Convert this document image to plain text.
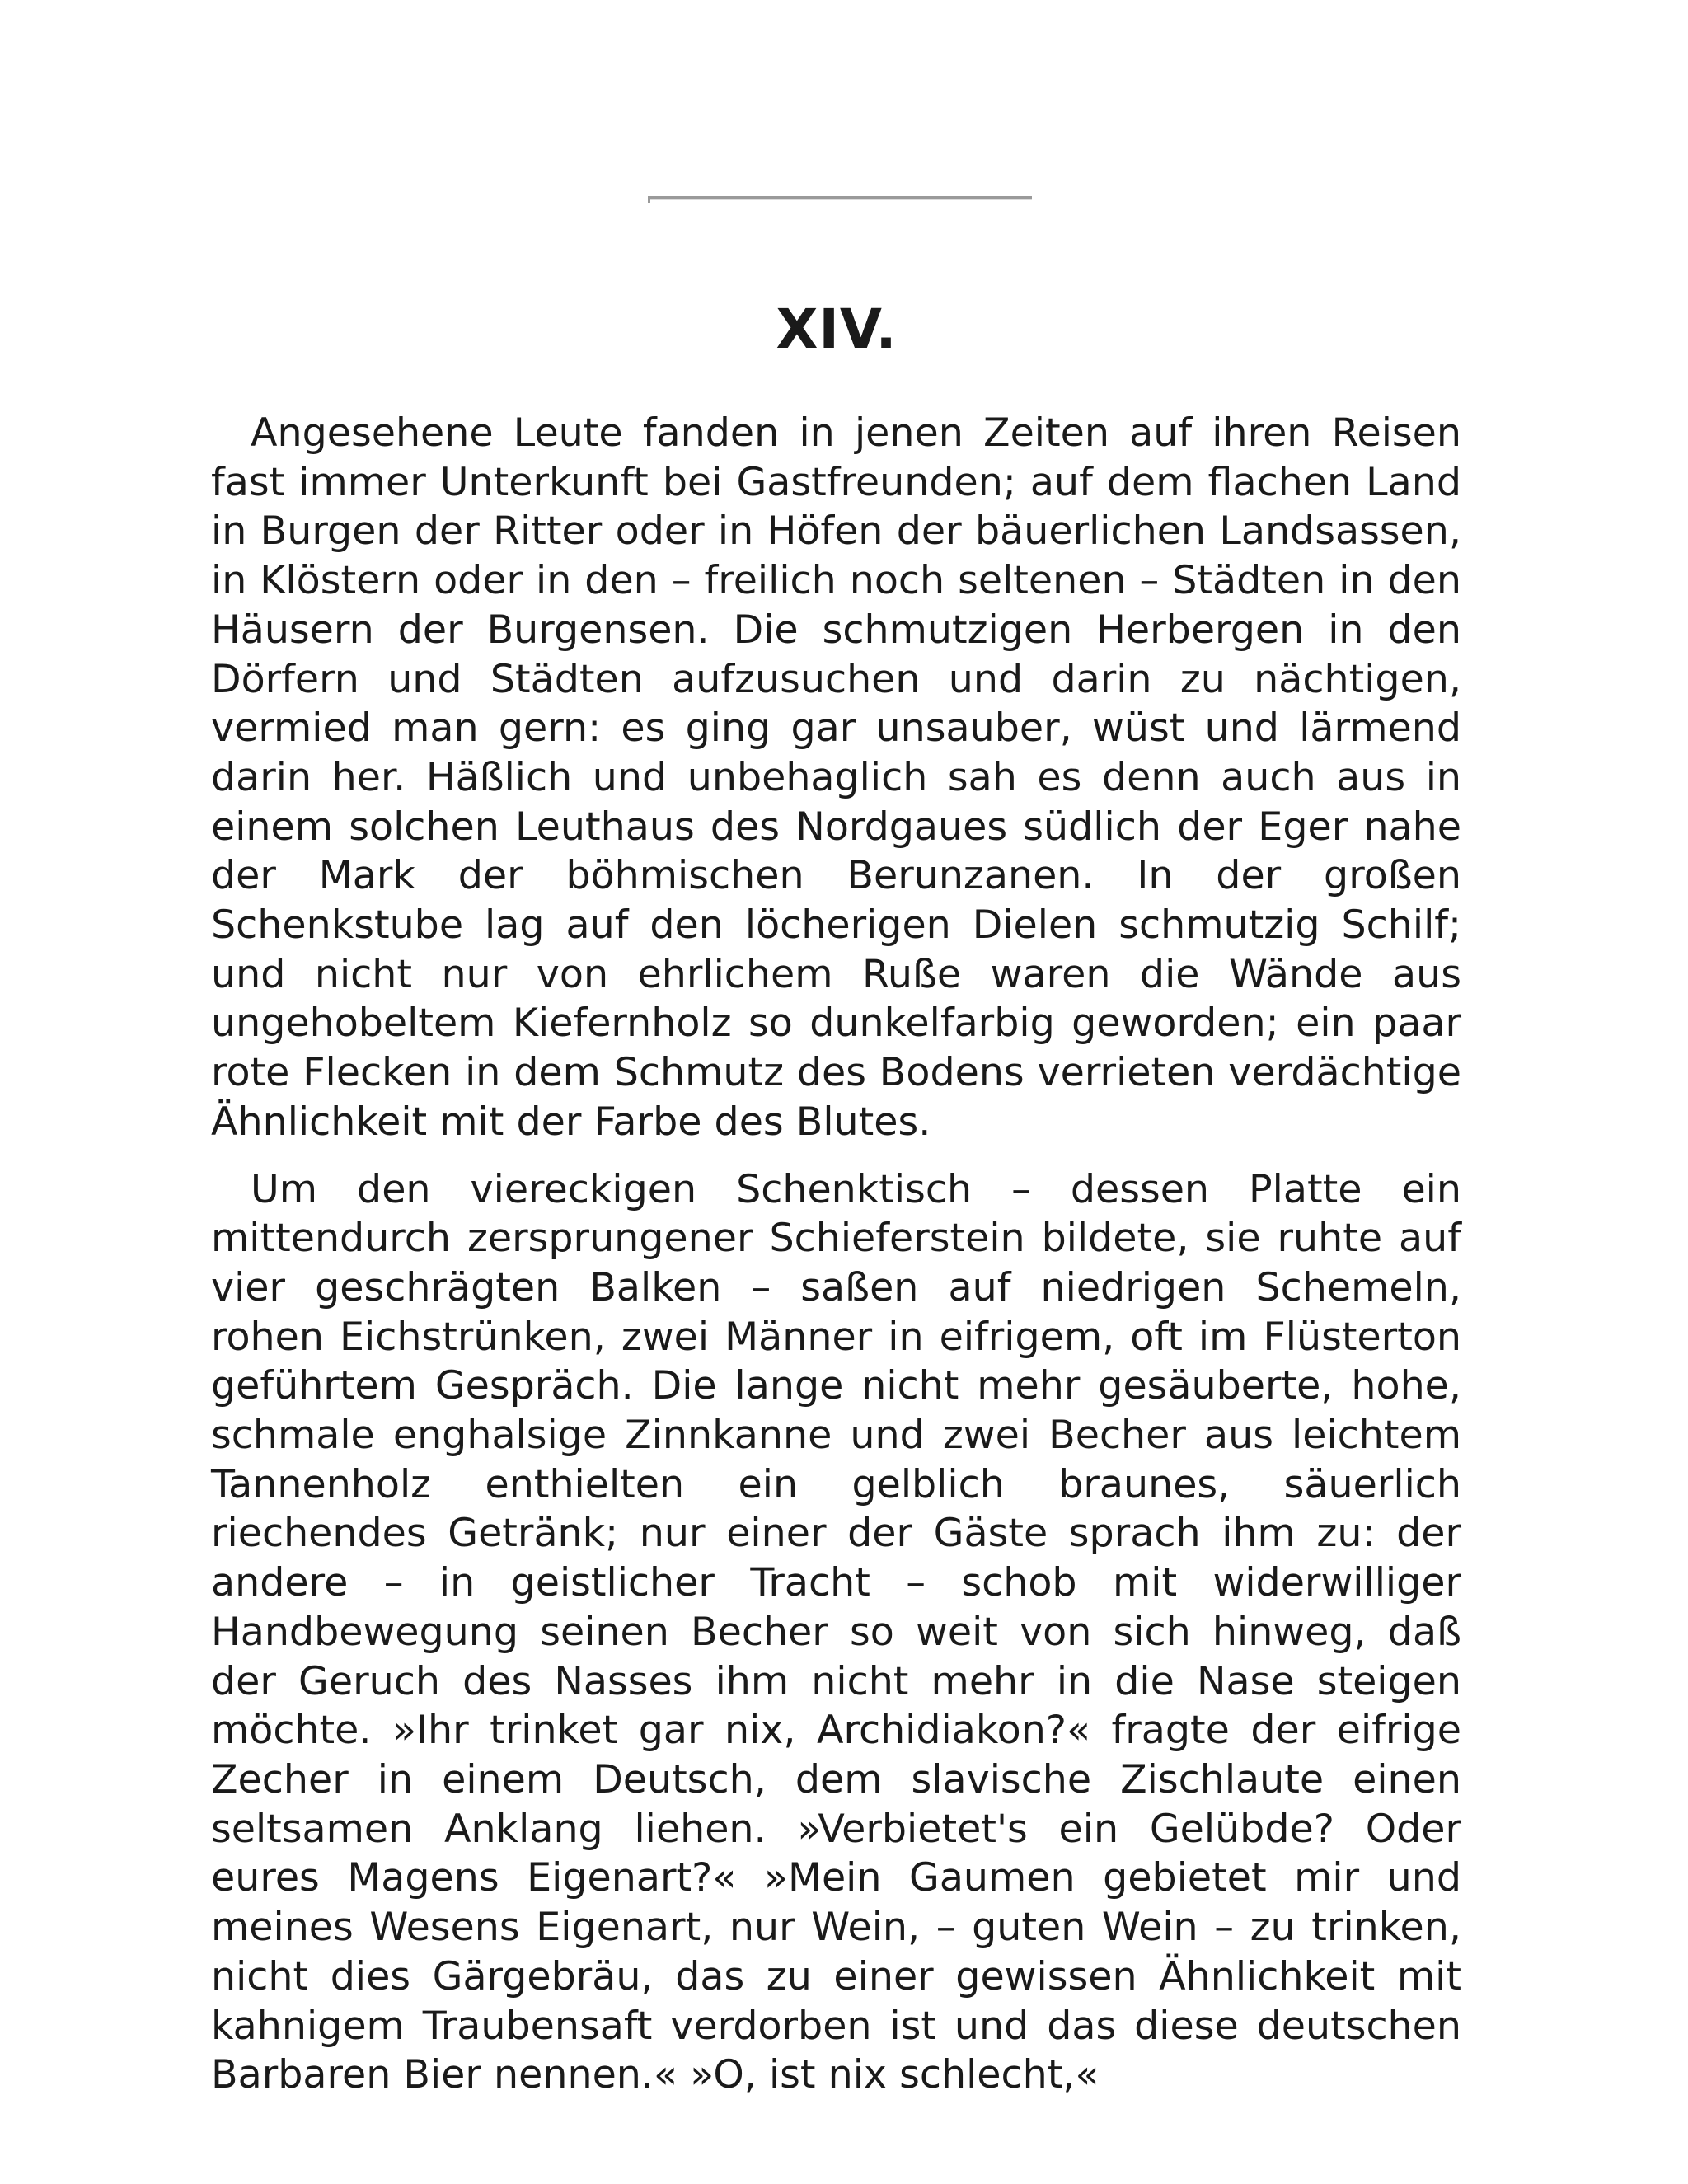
XIV.

Angesehene Leute fanden in jenen Zeiten auf ihren Reisen fast immer Unterkunft bei Gastfreunden; auf dem flachen Land in Burgen der Ritter oder in Höfen der bäuerlichen Landsassen, in Klöstern oder in den – freilich noch seltenen – Städten in den Häusern der Burgensen. Die schmutzigen Herbergen in den Dörfern und Städten aufzusuchen und darin zu nächtigen, vermied man gern: es ging gar unsauber, wüst und lärmend darin her. Häßlich und unbehaglich sah es denn auch aus in einem solchen Leuthaus des Nordgaues südlich der Eger nahe der Mark der böhmischen Berunzanen. In der großen Schenkstube lag auf den löcherigen Dielen schmutzig Schilf; und nicht nur von ehrlichem Ruße waren die Wände aus ungehobeltem Kiefernholz so dunkelfarbig geworden; ein paar rote Flecken in dem Schmutz des Bodens verrieten verdächtige Ähnlichkeit mit der Farbe des Blutes.

Um den viereckigen Schenktisch – dessen Platte ein mittendurch zersprungener Schieferstein bildete, sie ruhte auf vier geschrägten Balken – saßen auf niedrigen Schemeln, rohen Eichstrünken, zwei Männer in eifrigem, oft im Flüsterton geführtem Gespräch. Die lange nicht mehr gesäuberte, hohe, schmale enghalsige Zinnkanne und zwei Becher aus leichtem Tannenholz enthielten ein gelblich braunes, säuerlich riechendes Getränk; nur einer der Gäste sprach ihm zu: der andere – in geistlicher Tracht – schob mit widerwilliger Handbewegung seinen Becher so weit von sich hinweg, daß der Geruch des Nasses ihm nicht mehr in die Nase steigen möchte. »Ihr trinket gar nix, Archidiakon?« fragte der eifrige Zecher in einem Deutsch, dem slavische Zischlaute einen seltsamen Anklang liehen. »Verbietet's ein Gelübde? Oder eures Magens Eigenart?« »Mein Gaumen gebietet mir und meines Wesens Eigenart, nur Wein, – guten Wein – zu trinken, nicht dies Gärgebräu, das zu einer gewissen Ähnlichkeit mit kahnigem Traubensaft verdorben ist und das diese deutschen Barbaren Bier nennen.« »O, ist nix schlecht,«
